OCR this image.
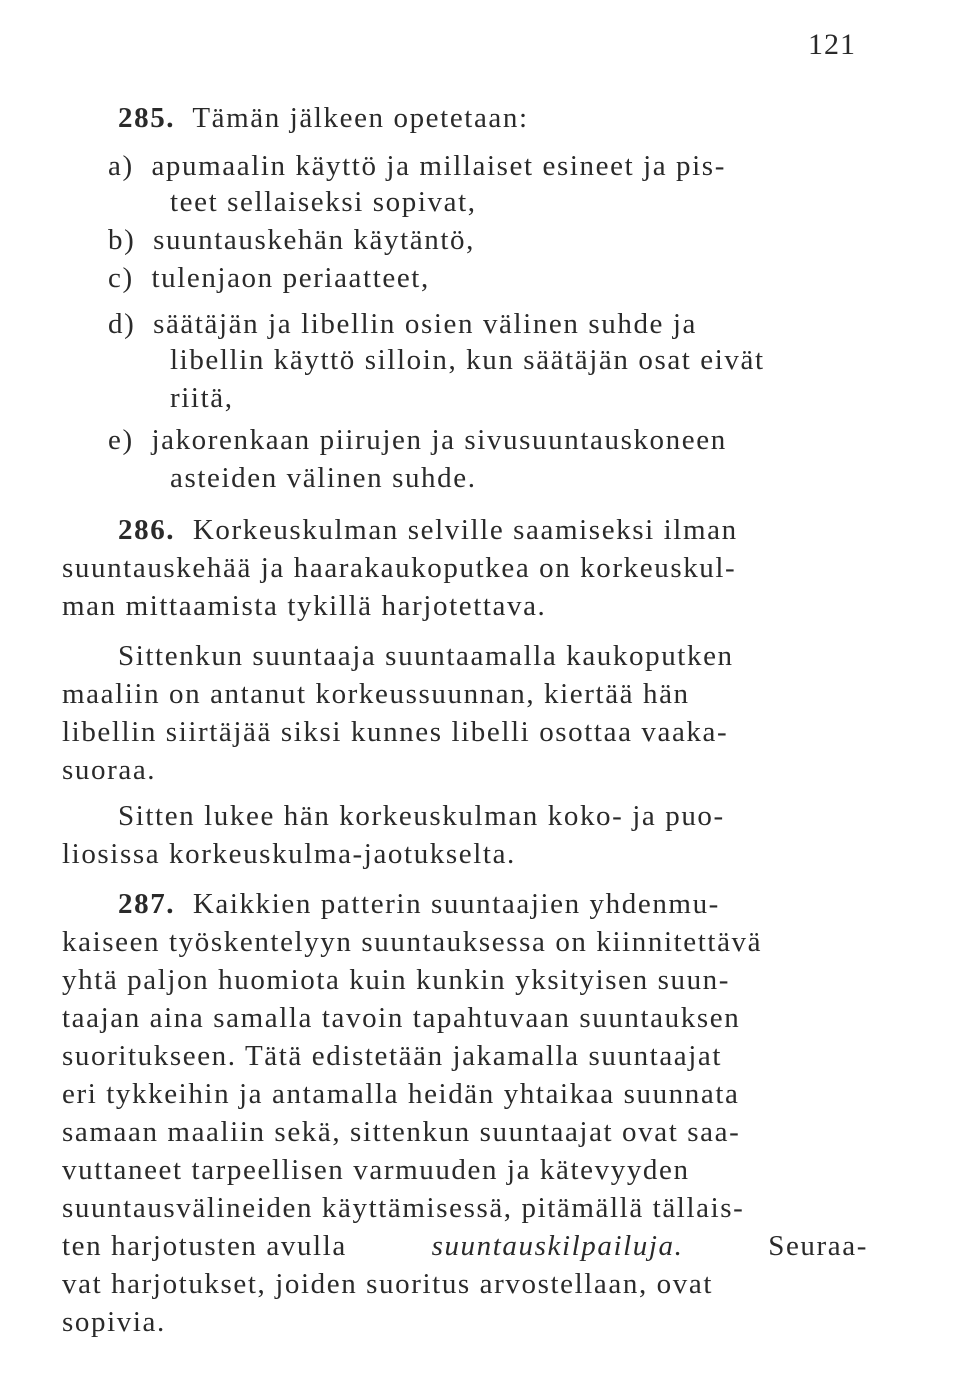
121
285. Tämän jälkeen opetetaan:
a) apumaalin käyttö ja millaiset esineet ja pis-
teet sellaiseksi sopivat,
b) suuntauskehän käytäntö,
c) tulenjaon periaatteet,
d) säätäjän ja libellin osien välinen suhde ja
libellin käyttö silloin, kun säätäjän osat eivät
riitä,
e) jakorenkaan piirujen ja sivusuuntauskoneen
asteiden välinen suhde.
286. Korkeuskulman selville saamiseksi ilman
suuntauskehää ja haarakaukoputkea on korkeuskul-
man mittaamista tykillä harjotettava.
Sittenkun suuntaaja suuntaamalla kaukoputken
maaliin on antanut korkeussuunnan, kiertää hän
libellin siirtäjää siksi kunnes libelli osottaa vaaka-
suoraa.
Sitten lukee hän korkeuskulman koko- ja puo-
liosissa korkeuskulma-jaotukselta.
287. Kaikkien patterin suuntaajien yhdenmu-
kaiseen työskentelyyn suuntauksessa on kiinnitettävä
yhtä paljon huomiota kuin kunkin yksityisen suun-
taajan aina samalla tavoin tapahtuvaan suuntauksen
suoritukseen. Tätä edistetään jakamalla suuntaajat
eri tykkeihin ja antamalla heidän yhtaikaa suunnata
samaan maaliin sekä, sittenkun suuntaajat ovat saa-
vuttaneet tarpeellisen varmuuden ja kätevyyden
suuntausvälineiden käyttämisessä, pitämällä tällais-
ten harjotusten avulla	suuntauskilpailuja.	Seuraa-
vat harjotukset, joiden suoritus arvostellaan, ovat
sopivia.
